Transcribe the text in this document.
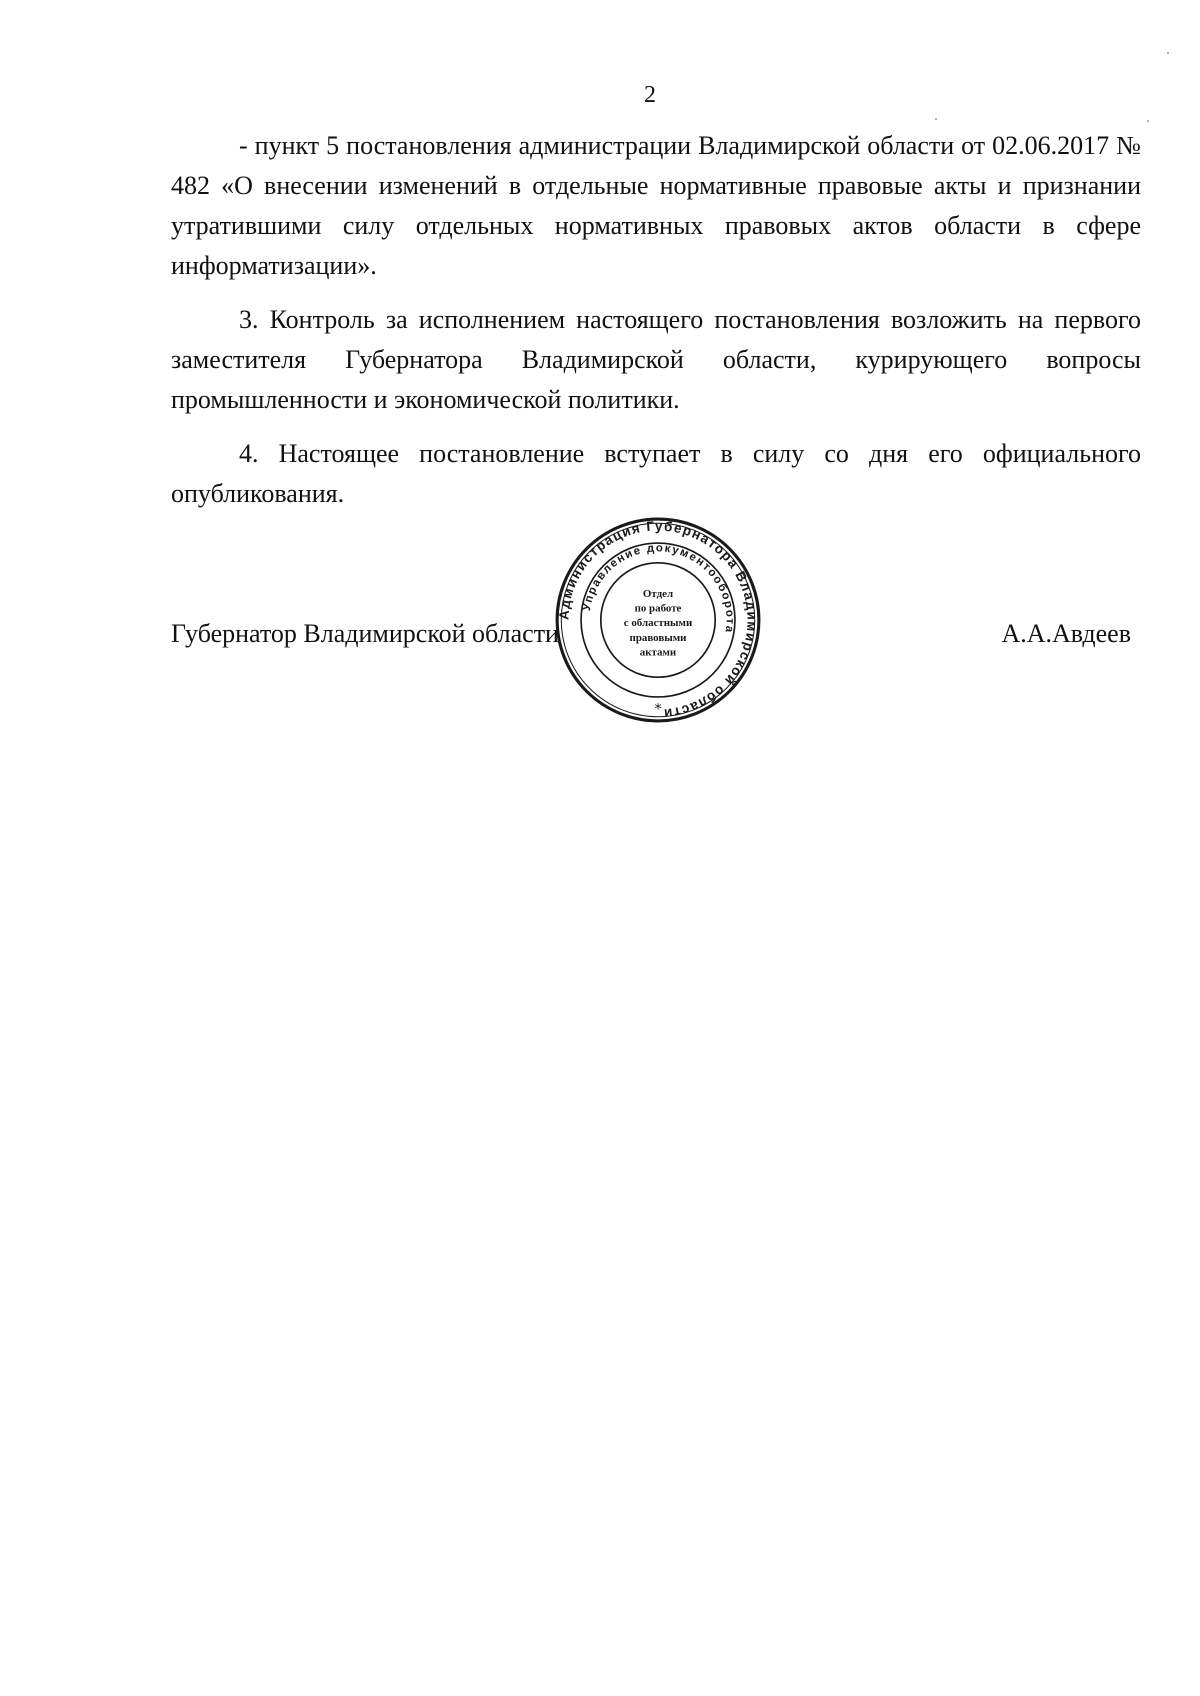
2

- пункт 5 постановления администрации Владимирской области от 02.06.2017 № 482 «О внесении изменений в отдельные нормативные правовые акты и признании утратившими силу отдельных нормативных правовых актов области в сфере информатизации».

3. Контроль за исполнением настоящего постановления возложить на первого заместителя Губернатора Владимирской области, курирующего вопросы промышленности и экономической политики.

4. Настоящее постановление вступает в силу со дня его официального опубликования.

Губернатор Владимирской области	А.А.Авдеев
Администрация Губернатора Владимирской области
Управление документооборота
Отдел
по работе
с областными
правовыми
актами
*
